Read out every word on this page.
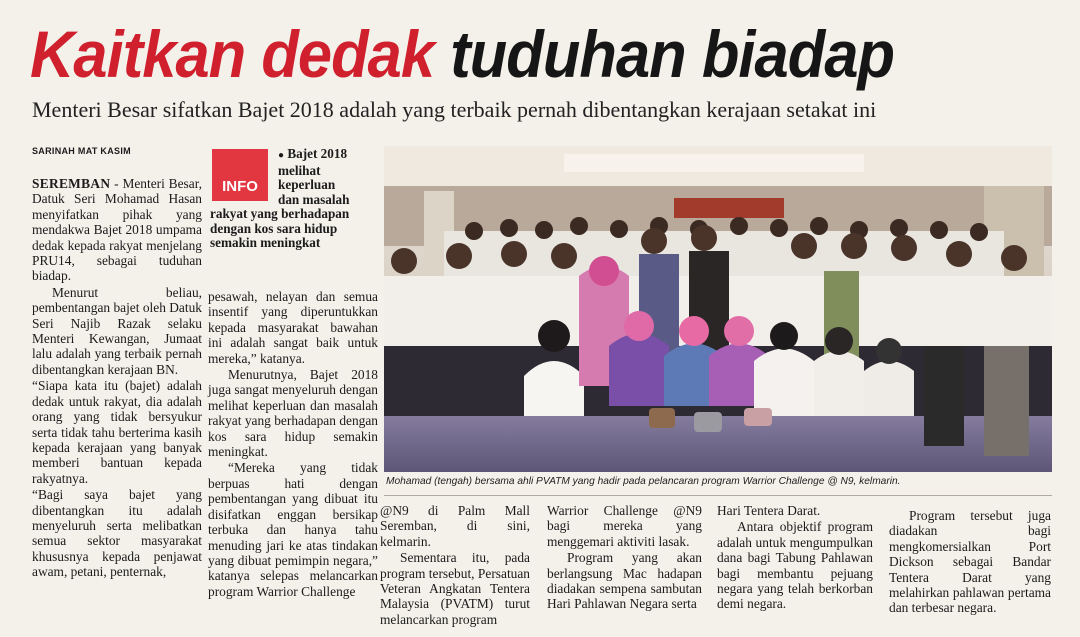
Kaitkan dedak tuduhan biadap
Menteri Besar sifatkan Bajet 2018 adalah yang terbaik pernah dibentangkan kerajaan setakat ini
SARINAH MAT KASIM

SEREMBAN - Menteri Besar, Datuk Seri Mohamad Hasan menyifatkan pihak yang mendakwa Bajet 2018 umpama dedak kepada rakyat menjelang PRU14, sebagai tuduhan biadap.

Menurut beliau, pembentangan bajet oleh Datuk Seri Najib Razak selaku Menteri Kewangan, Jumaat lalu adalah yang terbaik pernah dibentangkan kerajaan BN.

“Siapa kata itu (bajet) adalah dedak untuk rakyat, dia adalah orang yang tidak bersyukur serta tidak tahu berterima kasih kepada kerajaan yang banyak memberi bantuan kepada rakyatnya.

“Bagi saya bajet yang dibentangkan itu adalah menyeluruh serta melibatkan semua sektor masyarakat khususnya kepada penjawat awam, petani, penternak,

INFO
● Bajet 2018
melihat
keperluan
dan masalah
rakyat yang berhadapan
dengan kos sara hidup
semakin meningkat

pesawah, nelayan dan semua insentif yang diperuntukkan kepada masyarakat bawahan ini adalah sangat baik untuk mereka,” katanya.

Menurutnya, Bajet 2018 juga sangat menyeluruh dengan melihat keperluan dan masalah rakyat yang berhadapan dengan kos sara hidup semakin meningkat.

“Mereka yang tidak berpuas hati dengan pembentangan yang dibuat itu disifatkan enggan bersikap terbuka dan hanya tahu menuding jari ke atas tindakan yang dibuat pemimpin negara,” katanya selepas melancarkan program Warrior Challenge

Mohamad (tengah) bersama ahli PVATM yang hadir pada pelancaran program Warrior Challenge @ N9, kelmarin.

@N9 di Palm Mall Seremban, di sini, kelmarin.

Sementara itu, pada program tersebut, Persatuan Veteran Angkatan Tentera Malaysia (PVATM) turut melancarkan program

Warrior Challenge @N9 bagi mereka yang menggemari aktiviti lasak.

Program yang akan berlangsung Mac hadapan diadakan sempena sambutan Hari Pahlawan Negara serta

Hari Tentera Darat.

Antara objektif program adalah untuk mengumpulkan dana bagi Tabung Pahlawan bagi membantu pejuang negara yang telah berkorban demi negara.

Program tersebut juga diadakan bagi mengkomersialkan Port Dickson sebagai Bandar Tentera Darat yang melahirkan pahlawan pertama dan terbesar negara.
